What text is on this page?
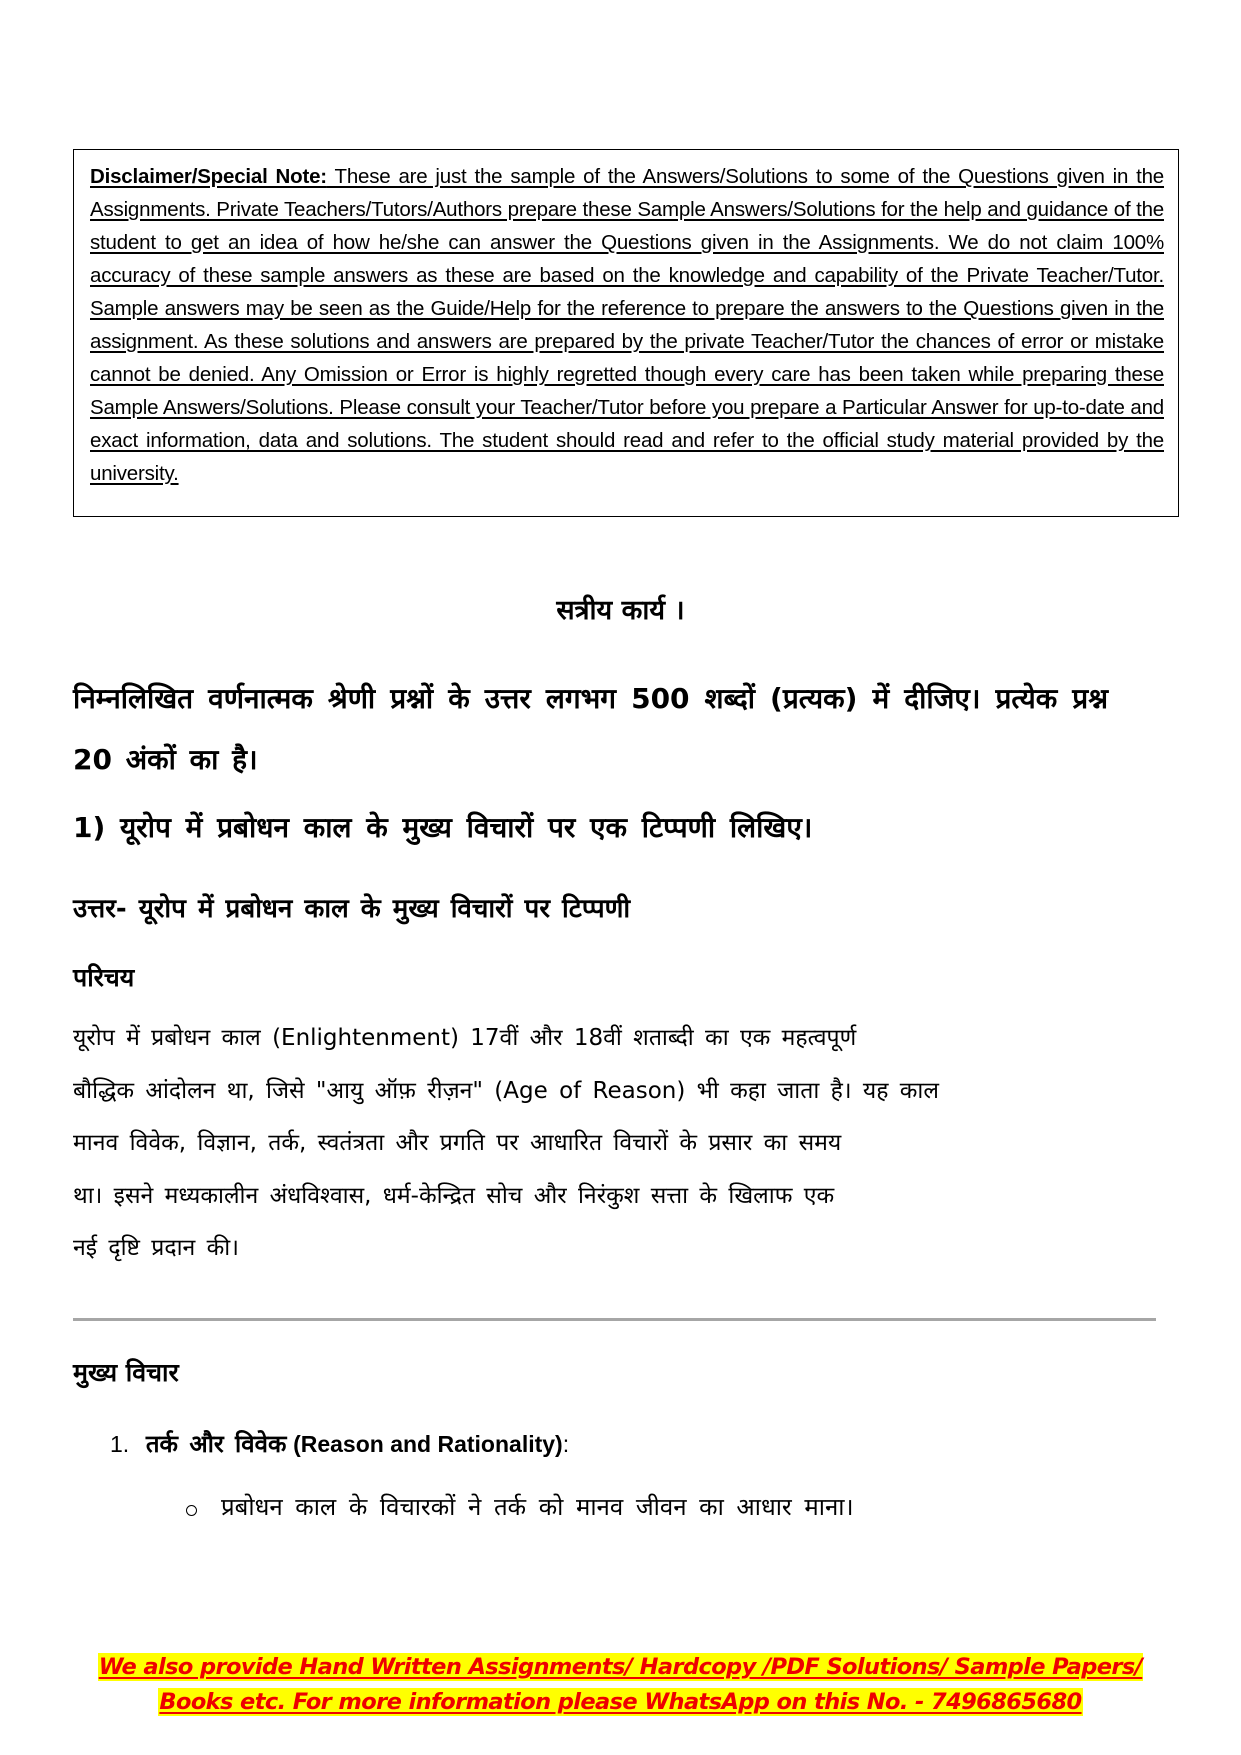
Disclaimer/Special Note: These are just the sample of the Answers/Solutions to some of the Questions given in the Assignments. Private Teachers/Tutors/Authors prepare these Sample Answers/Solutions for the help and guidance of the student to get an idea of how he/she can answer the Questions given in the Assignments. We do not claim 100% accuracy of these sample answers as these are based on the knowledge and capability of the Private Teacher/Tutor. Sample answers may be seen as the Guide/Help for the reference to prepare the answers to the Questions given in the assignment. As these solutions and answers are prepared by the private Teacher/Tutor the chances of error or mistake cannot be denied. Any Omission or Error is highly regretted though every care has been taken while preparing these Sample Answers/Solutions. Please consult your Teacher/Tutor before you prepare a Particular Answer for up-to-date and exact information, data and solutions. The student should read and refer to the official study material provided by the university.

सत्रीय कार्य ।

निम्नलिखित वर्णनात्मक श्रेणी प्रश्नों के उत्तर लगभग 500 शब्दों (प्रत्यक) में दीजिए। प्रत्येक प्रश्न 20 अंकों का है।

1) यूरोप में प्रबोधन काल के मुख्य विचारों पर एक टिप्पणी लिखिए।
उत्तर- यूरोप में प्रबोधन काल के मुख्य विचारों पर टिप्पणी
परिचय

यूरोप में प्रबोधन काल (Enlightenment) 17वीं और 18वीं शताब्दी का एक महत्वपूर्ण
बौद्धिक आंदोलन था, जिसे "आयु ऑफ़ रीज़न" (Age of Reason) भी कहा जाता है। यह काल
मानव विवेक, विज्ञान, तर्क, स्वतंत्रता और प्रगति पर आधारित विचारों के प्रसार का समय
था। इसने मध्यकालीन अंधविश्वास, धर्म-केन्द्रित सोच और निरंकुश सत्ता के खिलाफ एक
नई दृष्टि प्रदान की।

मुख्य विचार
1. तर्क और विवेक (Reason and Rationality):
प्रबोधन काल के विचारकों ने तर्क को मानव जीवन का आधार माना।
We also provide Hand Written Assignments/ Hardcopy /PDF Solutions/ Sample Papers/
Books etc. For more information please WhatsApp on this No. - 7496865680
